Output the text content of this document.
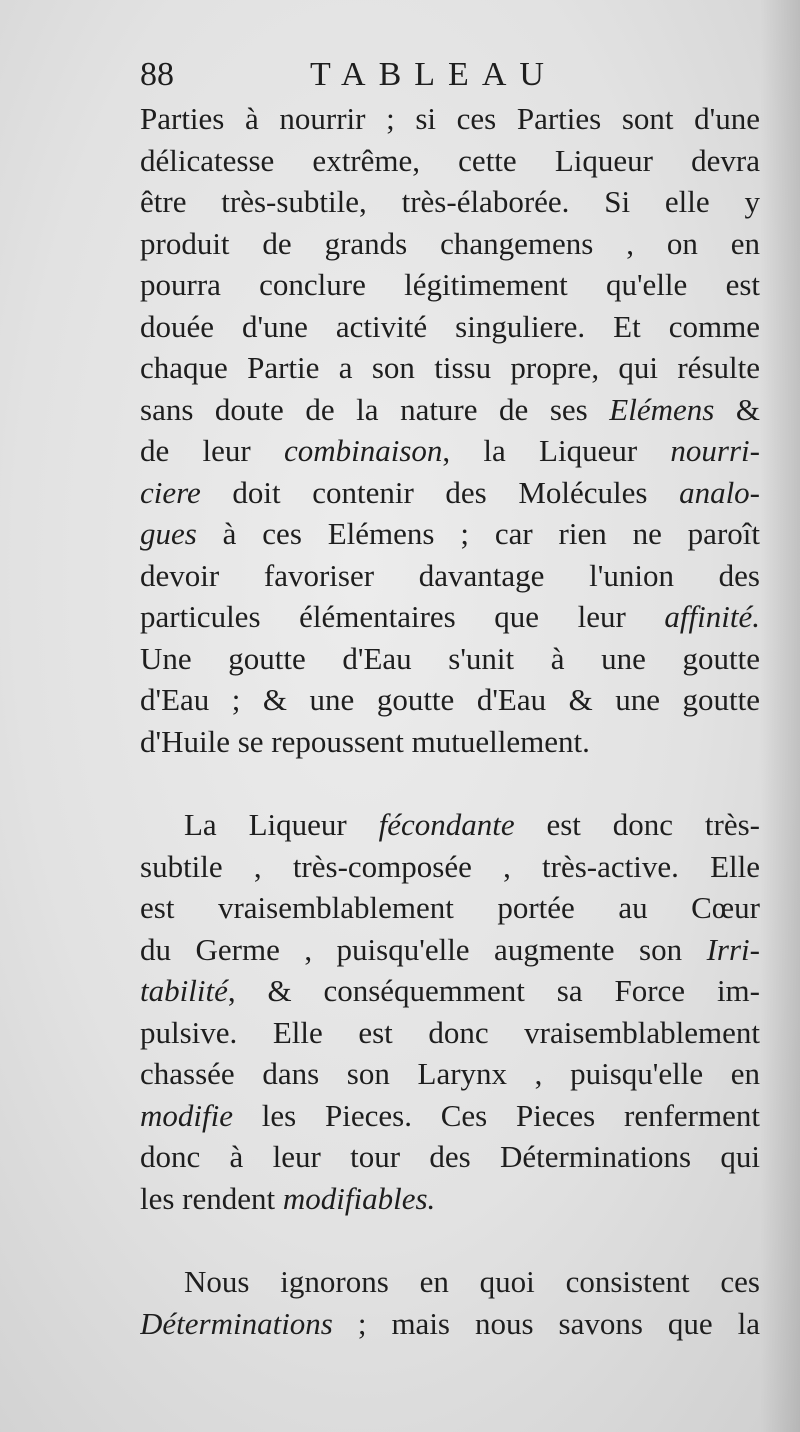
88	TABLEAU
Parties à nourrir ; si ces Parties sont d'une
délicatesse extrême, cette Liqueur devra
être très-subtile, très-élaborée. Si elle y
produit de grands changemens , on en
pourra conclure légitimement qu'elle est
douée d'une activité singuliere. Et comme
chaque Partie a son tissu propre, qui résulte
sans doute de la nature de ses Elémens &
de leur combinaison, la Liqueur nourri-
ciere doit contenir des Molécules analo-
gues à ces Elémens ; car rien ne paroît
devoir favoriser davantage l'union des
particules élémentaires que leur affinité.
Une goutte d'Eau s'unit à une goutte
d'Eau ; & une goutte d'Eau & une goutte
d'Huile se repoussent mutuellement.
La Liqueur fécondante est donc très-
subtile , très-composée , très-active. Elle
est vraisemblablement portée au Cœur
du Germe , puisqu'elle augmente son Irri-
tabilité, & conséquemment sa Force im-
pulsive. Elle est donc vraisemblablement
chassée dans son Larynx , puisqu'elle en
modifie les Pieces. Ces Pieces renferment
donc à leur tour des Déterminations qui
les rendent modifiables.
Nous ignorons en quoi consistent ces
Déterminations ; mais nous savons que la
